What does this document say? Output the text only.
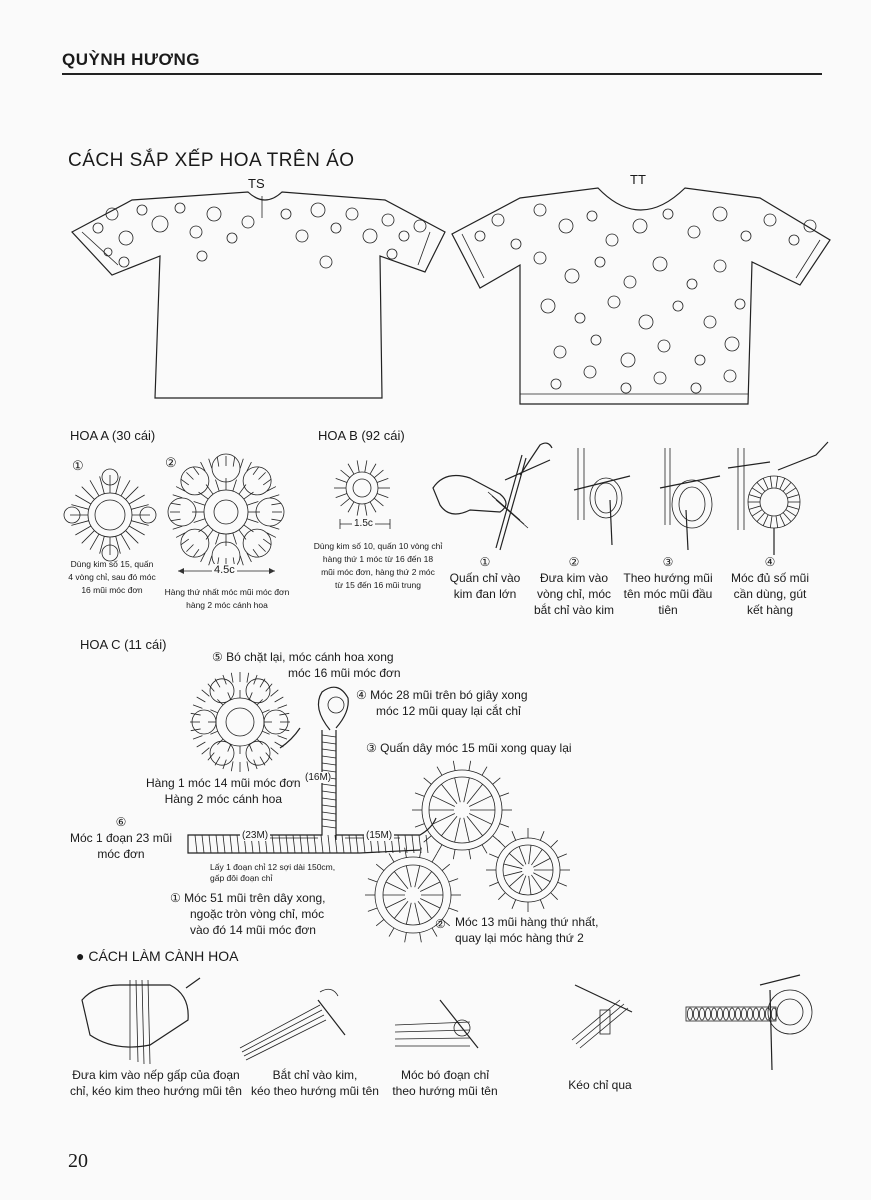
QUỲNH HƯƠNG
CÁCH SẮP XẾP HOA TRÊN ÁO
TS	TT
HOA A (30 cái)
①	②
Dùng kim số 15, quấn
4 vòng chỉ, sau đó móc
16 mũi móc đơn
4.5c
Hàng thứ nhất móc mũi móc đơn
hàng 2 móc cánh hoa
HOA B (92 cái)
1.5c
Dùng kim số 10, quấn 10 vòng chỉ
hàng thứ 1 móc từ 16 đến 18
mũi móc đơn, hàng thứ 2 móc
từ 15 đến 16 mũi trung
①
Quấn chỉ vào
kim đan lớn
②
Đưa kim vào
vòng chỉ, móc
bắt chỉ vào kim
③
Theo hướng mũi
tên móc mũi đầu
tiên
④
Móc đủ số mũi
cần dùng, gút
kết hàng
HOA C (11 cái)
⑤ Bó chặt lại, móc cánh hoa xong
móc 16 mũi móc đơn
④ Móc 28 mũi trên bó giây xong
móc 12 mũi quay lại cắt chỉ
③ Quấn dây móc 15 mũi xong quay lại
Hàng 1 móc 14 mũi móc đơn
Hàng 2 móc cánh hoa
⑥
Móc 1 đoạn 23 mũi
móc đơn
(16M)
(23M)	(15M)
Lấy 1 đoạn chỉ 12 sợi dài 150cm,
gấp đôi đoạn chỉ
① Móc 51 mũi trên dây xong,
ngoặc tròn vòng chỉ, móc
vào đó 14 mũi móc đơn
Móc 13 mũi hàng thứ nhất,
quay lại móc hàng thứ 2
②
● CÁCH LÀM CÀNH HOA
Đưa kim vào nếp gấp của đoạn
chỉ, kéo kim theo hướng mũi tên
Bắt chỉ vào kim,
kéo theo hướng mũi tên
Móc bó đoạn chỉ
theo hướng mũi tên	Kéo chỉ qua
20
